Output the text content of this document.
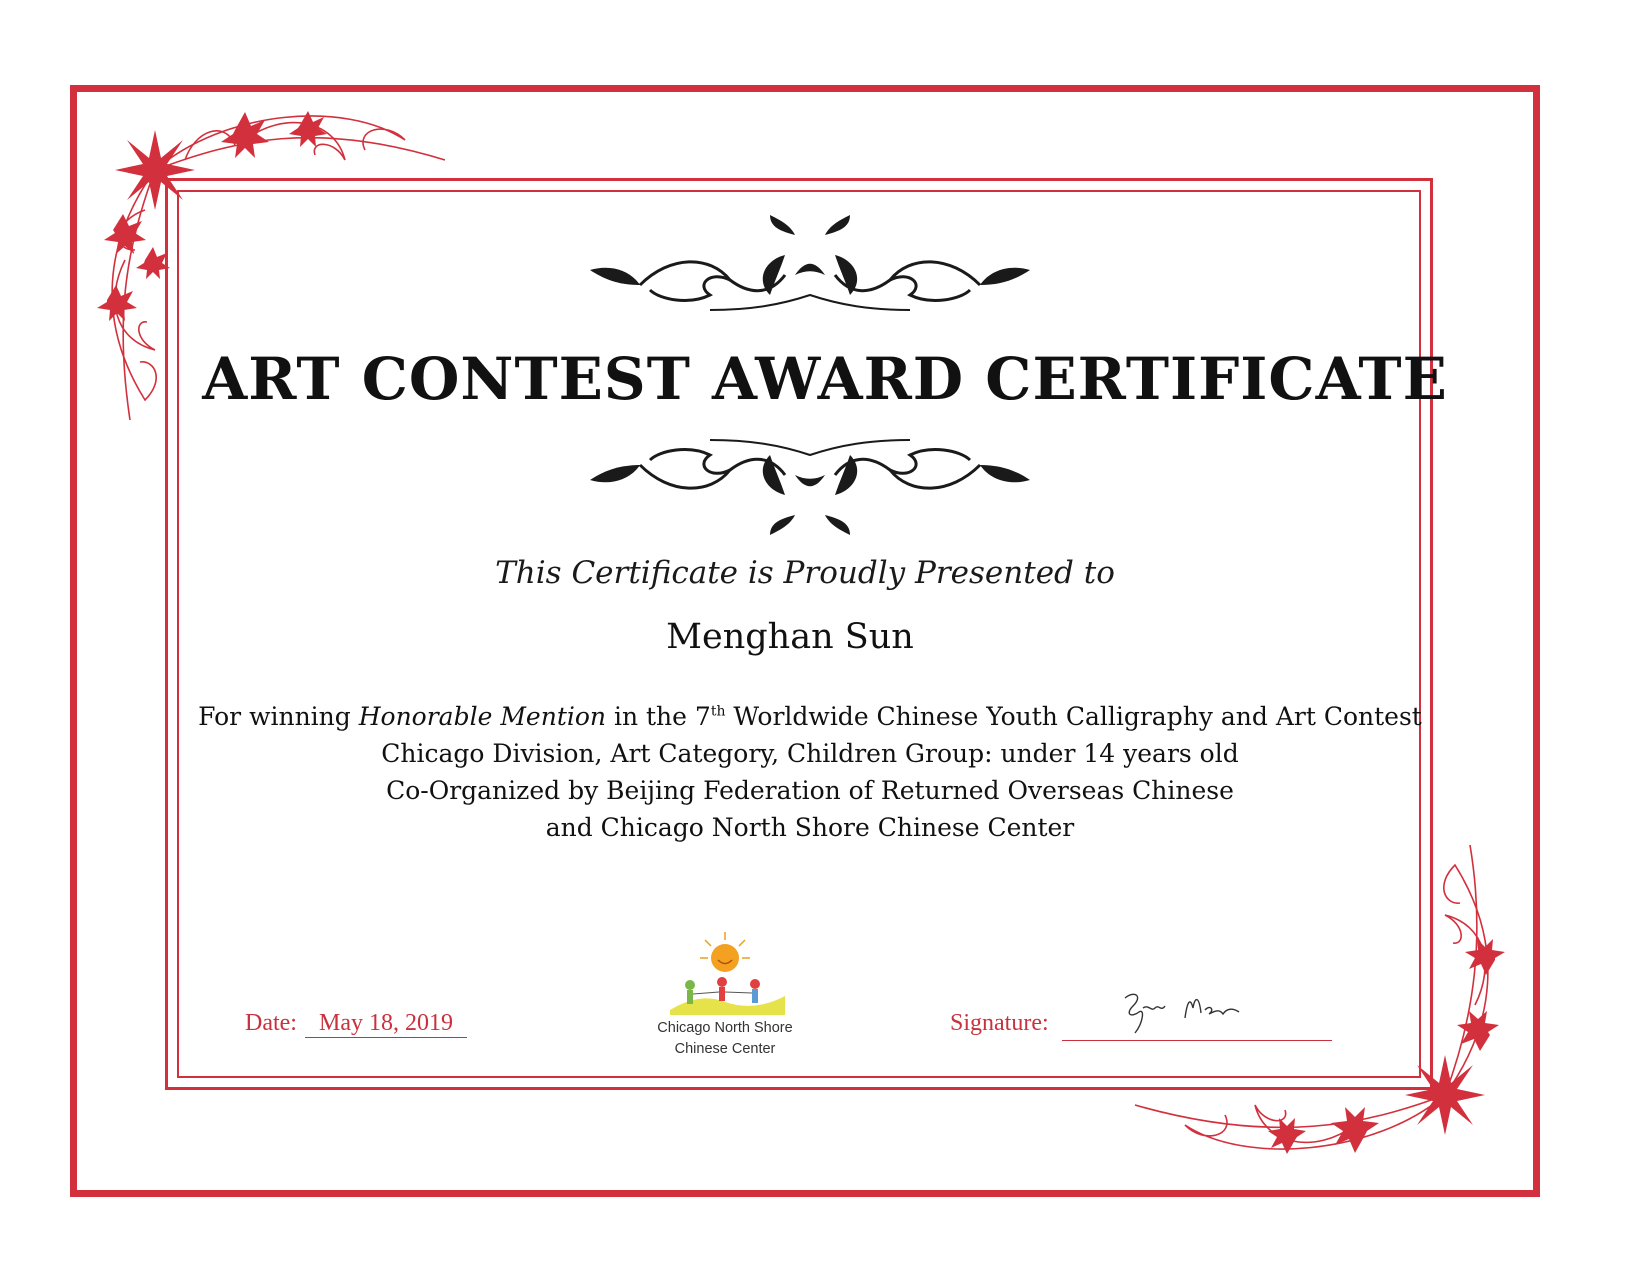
ART CONTEST AWARD CERTIFICATE
This Certificate is Proudly Presented to
Menghan Sun
For winning Honorable Mention in the 7th Worldwide Chinese Youth Calligraphy and Art Contest
Chicago Division, Art Category, Children Group: under 14 years old
Co-Organized by Beijing Federation of Returned Overseas Chinese
and Chicago North Shore Chinese Center
Date: May 18, 2019	Chicago North Shore
Chinese Center
Signature:
